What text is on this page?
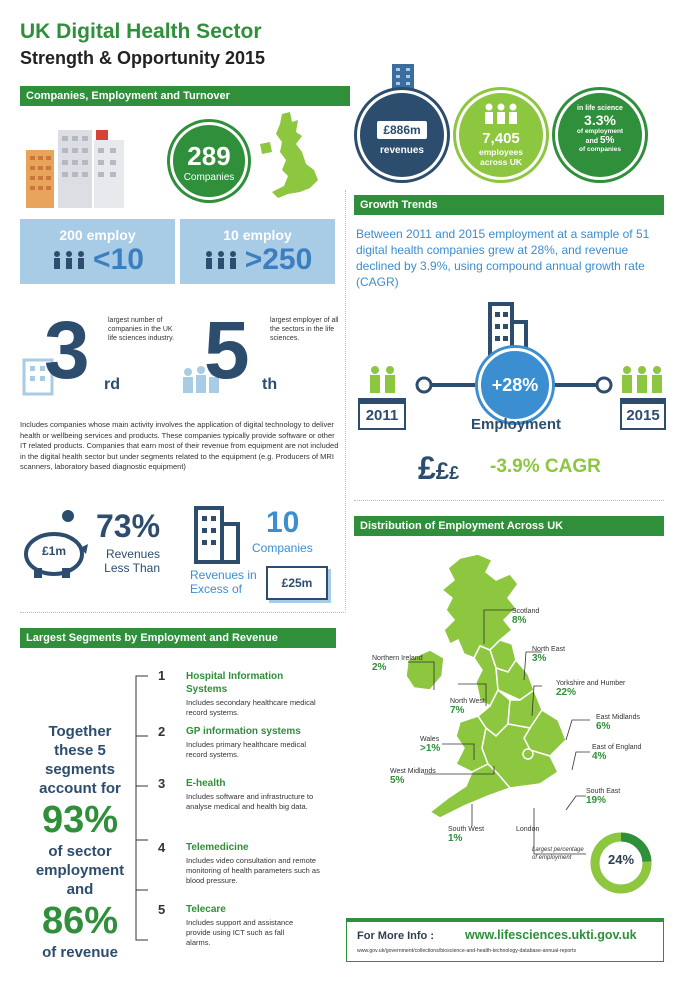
UK Digital Health Sector
Strength & Opportunity 2015
Companies, Employment and Turnover
289
Companies
£886m
revenues
7,405
employees across UK
in life science
3.3%
of employment
and 5%
of companies
200 employ
<10
10 employ
>250
3 rd
largest number of companies in the UK life sciences industry. 5 th
largest employer of all the sectors in the life sciences.
Includes companies whose main activity involves the application of digital technology to deliver health or wellbeing services and products. These companies typically provide software or other IT related products. Companies that earn most of their revenue from equipment are not included in the digital health sector but under segments related to the equipment (e.g. Producers of MRI scanners, laboratory based diagnostic equipment)
£1m
73%
Revenues
Less Than
10
Companies
Revenues in
Excess of	£25m
Largest Segments by Employment and Revenue
Together
these 5
segments
account for
93%
of sector
employment
and
86%
of revenue
1 Hospital Information Systems
Includes secondary healthcare medical record systems.
2 GP information systems
Includes primary healthcare medical record systems.
3 E-health
Includes software and infrastructure to analyse medical and health big data.
4 Telemedicine
Includes video consultation and remote monitoring of health parameters such as blood pressure.
5 Telecare
Includes support and assistance provide using ICT such as fall alarms.
Growth Trends
Between 2011 and 2015 employment at a sample of 51 digital health companies grew at 28%, and revenue declined by 3.9%, using compound annual growth rate (CAGR)
+28%
2011	2015
Employment
£££ -3.9% CAGR
Distribution of Employment Across UK
Scotland
8%
Northern Ireland
2%
North East
3%
Yorkshire and Humber
22%
North West
7%
East Midlands
6%
Wales
>1%	East of England
4%
West Midlands
5%
South East
19%
South West
1%
London
Largest percentage of employment	24%
For More Info : www.lifesciences.ukti.gov.uk
www.gov.uk/government/collections/bioscience-and-health-technology-database-annual-reports
